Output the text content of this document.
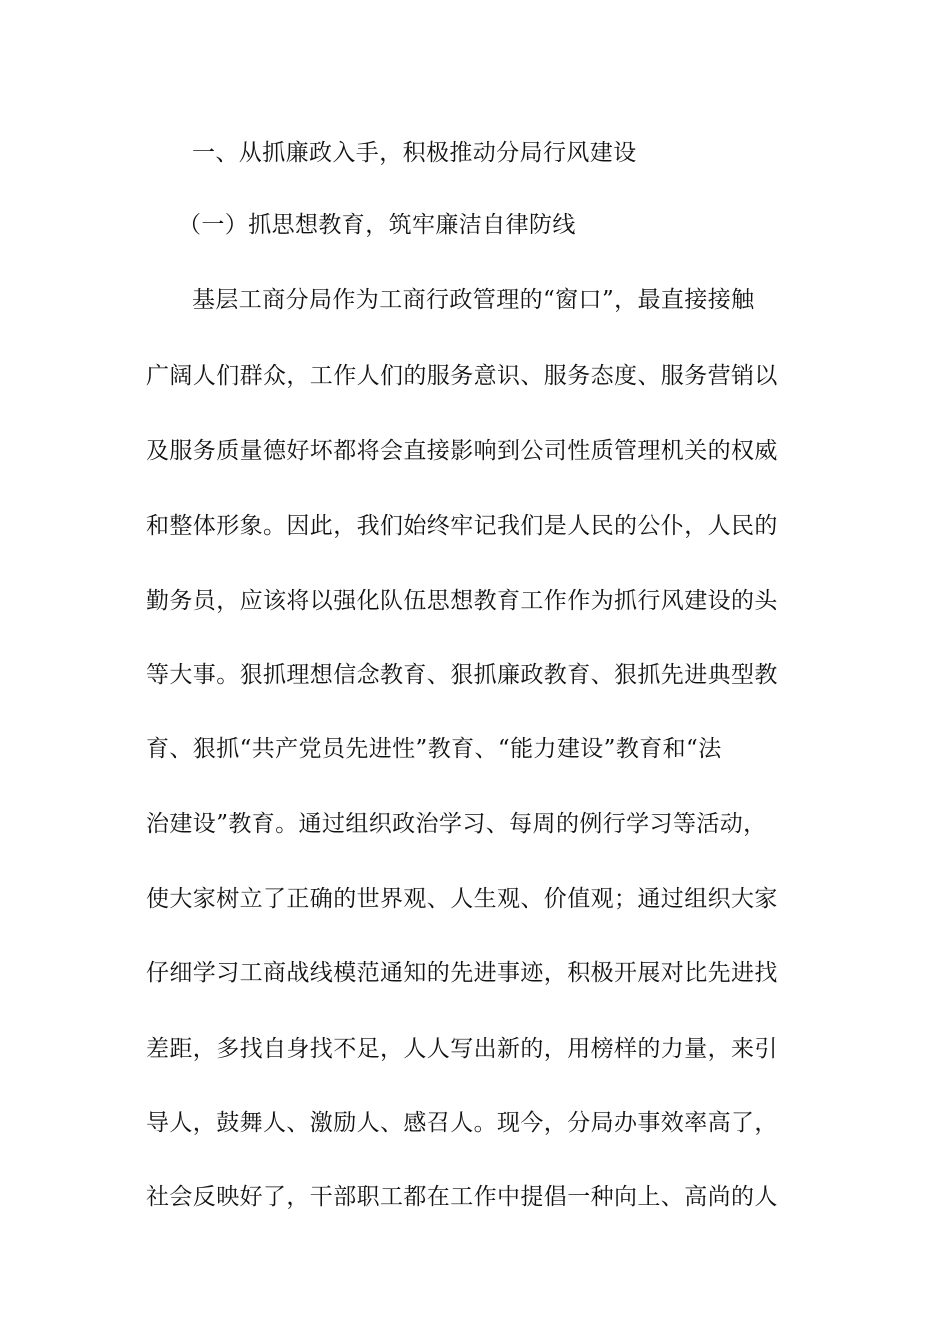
一、从抓廉政入手，积极推动分局行风建设
（一）抓思想教育，筑牢廉洁自律防线
基层工商分局作为工商行政管理的“窗口”，最直接接触
广阔人们群众，工作人们的服务意识、服务态度、服务营销以
及服务质量德好坏都将会直接影响到公司性质管理机关的权威
和整体形象。因此，我们始终牢记我们是人民的公仆，人民的
勤务员，应该将以强化队伍思想教育工作作为抓行风建设的头
等大事。狠抓理想信念教育、狠抓廉政教育、狠抓先进典型教
育、狠抓“共产党员先进性”教育、“能力建设”教育和“法
治建设”教育。通过组织政治学习、每周的例行学习等活动，
使大家树立了正确的世界观、人生观、价值观；通过组织大家
仔细学习工商战线模范通知的先进事迹，积极开展对比先进找
差距，多找自身找不足，人人写出新的，用榜样的力量，来引
导人，鼓舞人、激励人、感召人。现今，分局办事效率高了，
社会反映好了，干部职工都在工作中提倡一种向上、高尚的人
